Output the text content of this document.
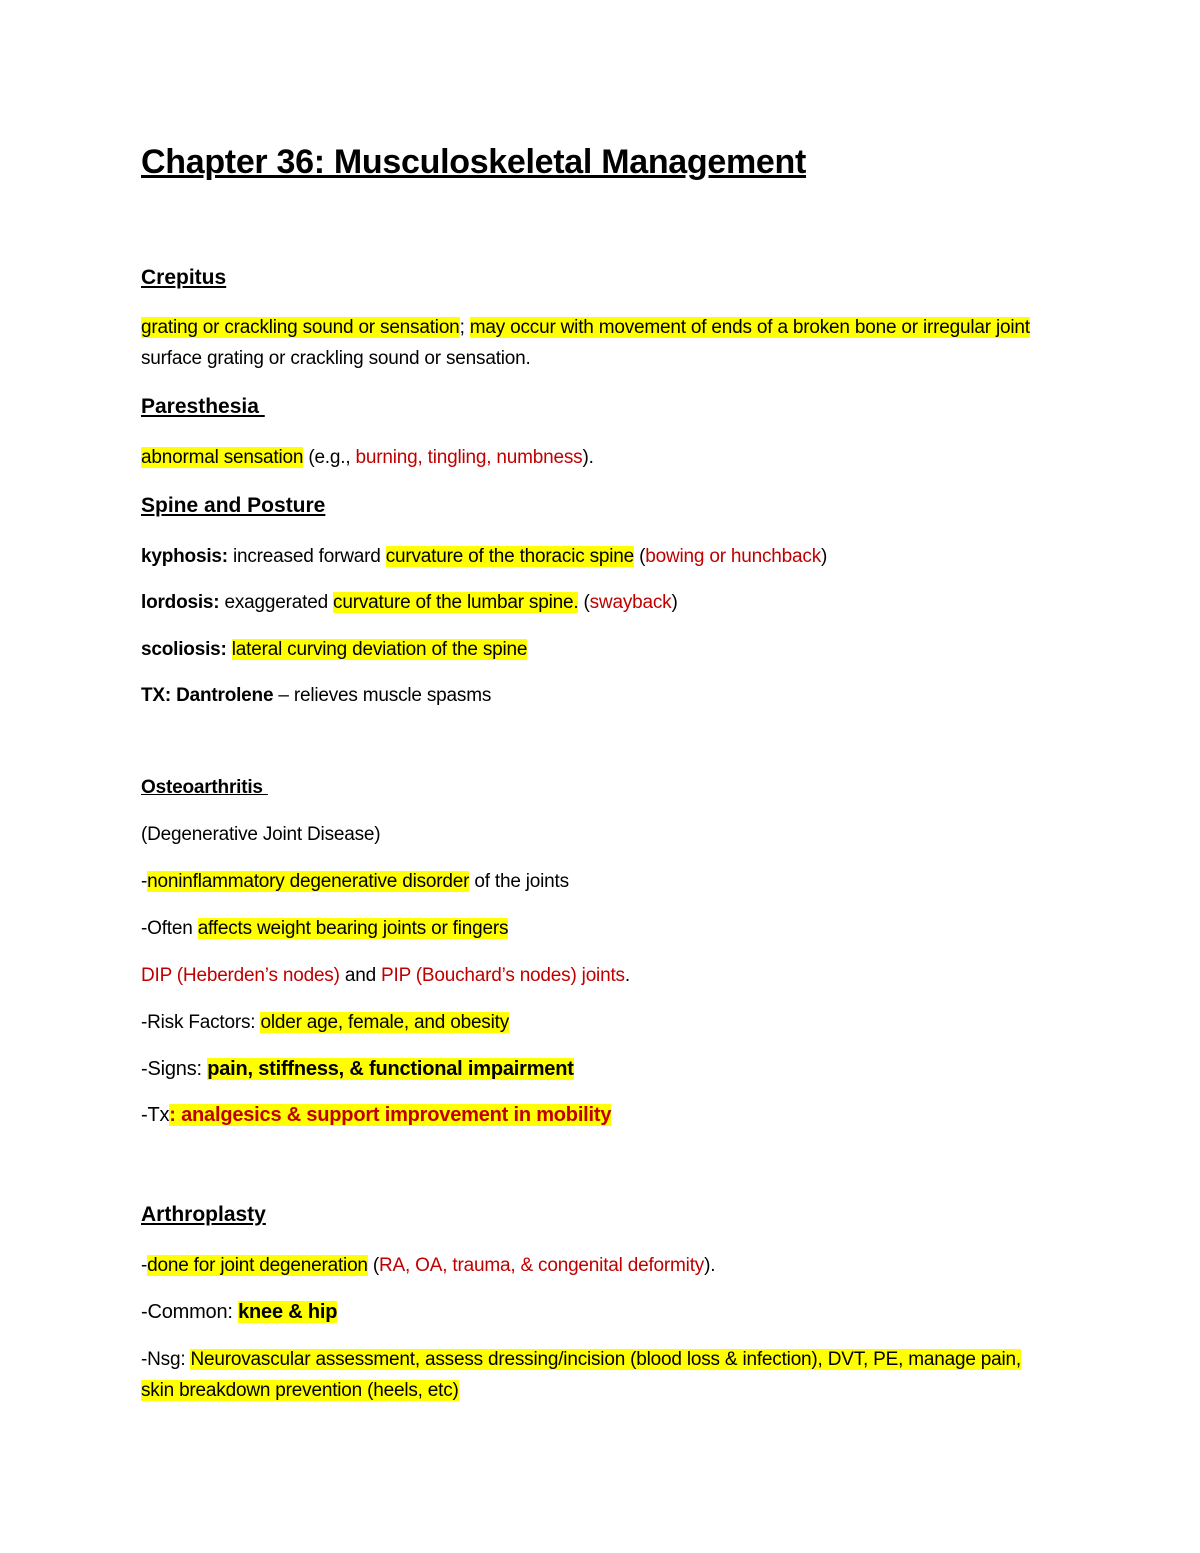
Chapter 36: Musculoskeletal Management
Crepitus
grating or crackling sound or sensation; may occur with movement of ends of a broken bone or irregular joint surface grating or crackling sound or sensation.
Paresthesia
abnormal sensation (e.g., burning, tingling, numbness).
Spine and Posture
kyphosis: increased forward curvature of the thoracic spine (bowing or hunchback)
lordosis: exaggerated curvature of the lumbar spine. (swayback)
scoliosis: lateral curving deviation of the spine
TX: Dantrolene – relieves muscle spasms
Osteoarthritis
(Degenerative Joint Disease)
-noninflammatory degenerative disorder of the joints
-Often affects weight bearing joints or fingers
DIP (Heberden’s nodes) and PIP (Bouchard’s nodes) joints.
-Risk Factors: older age, female, and obesity
-Signs: pain, stiffness, & functional impairment
-Tx: analgesics & support improvement in mobility
Arthroplasty
-done for joint degeneration (RA, OA, trauma, & congenital deformity).
-Common: knee & hip
-Nsg: Neurovascular assessment, assess dressing/incision (blood loss & infection), DVT, PE, manage pain, skin breakdown prevention (heels, etc)
